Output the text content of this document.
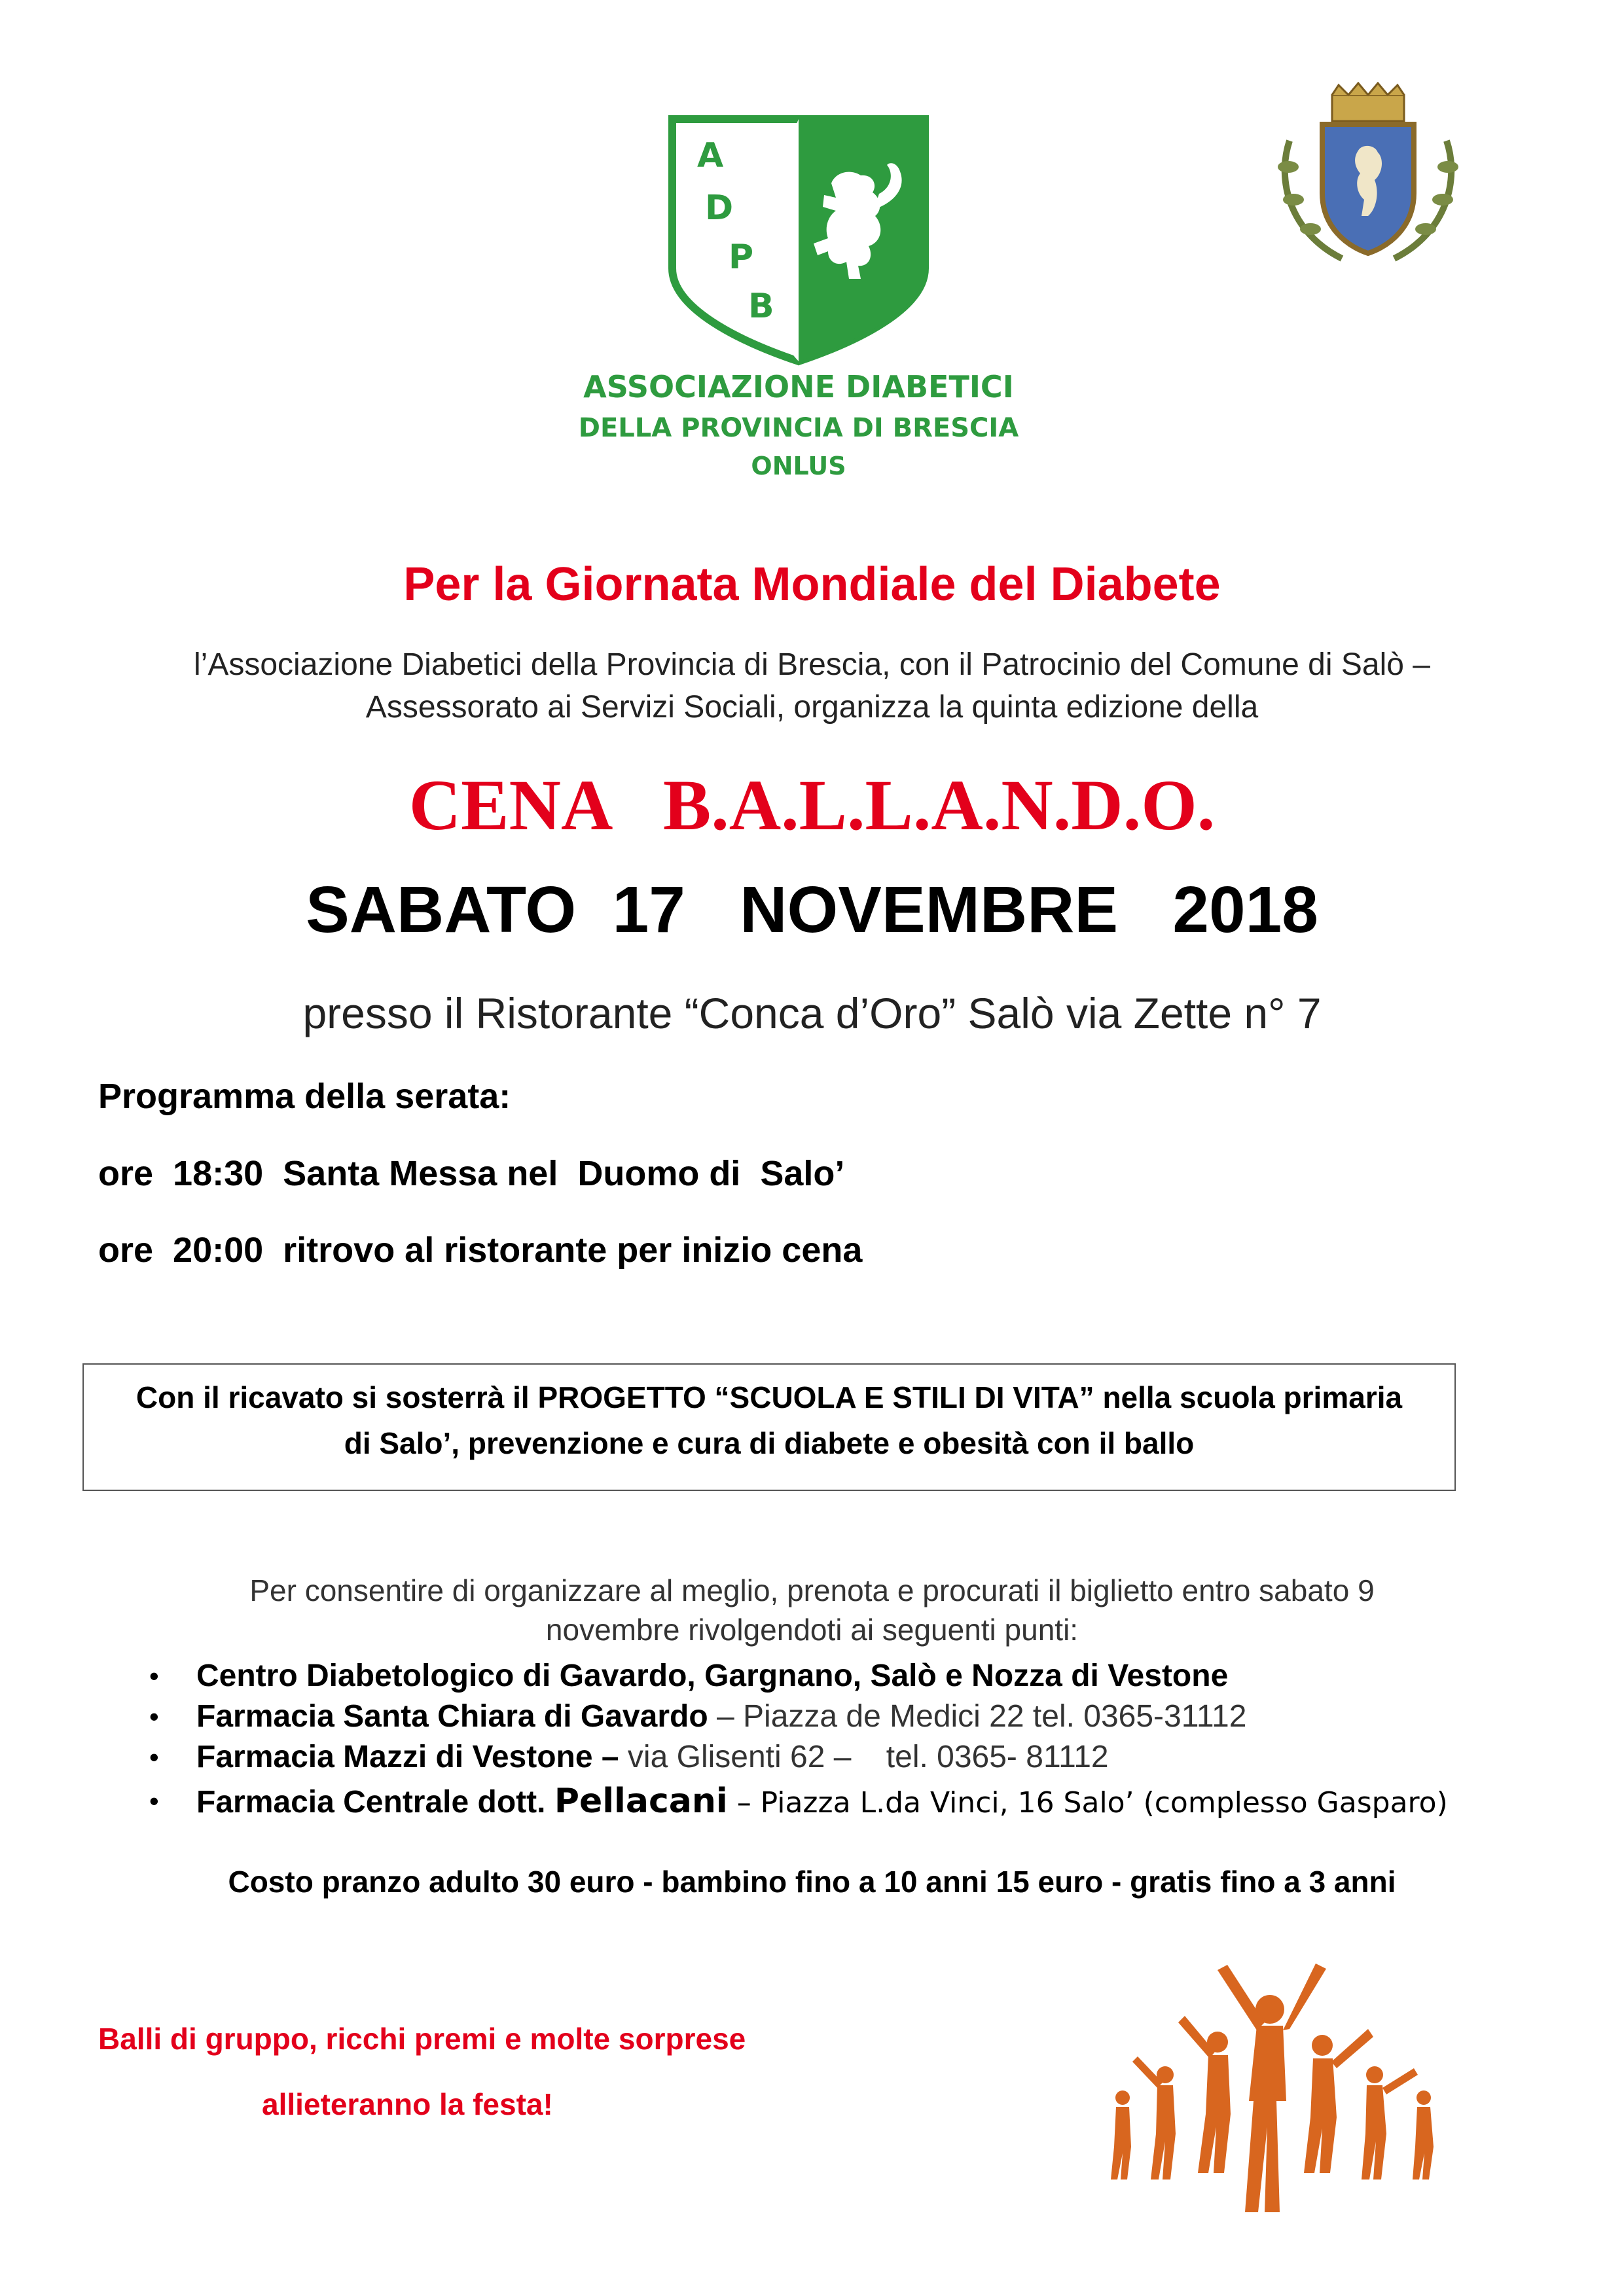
A
D
P
B
ASSOCIAZIONE DIABETICI
DELLA PROVINCIA DI BRESCIA
ONLUS
Per la Giornata Mondiale del Diabete
l’Associazione Diabetici della Provincia di Brescia, con il Patrocinio del Comune di Salò –
Assessorato ai Servizi Sociali, organizza la quinta edizione della
CENA   B.A.L.L.A.N.D.O.
SABATO  17   NOVEMBRE   2018
presso il Ristorante “Conca d’Oro” Salò via Zette n° 7
Programma della serata:
ore  18:30  Santa Messa nel  Duomo di  Salo’
ore  20:00  ritrovo al ristorante per inizio cena
Con il ricavato si sosterrà il PROGETTO “SCUOLA E STILI DI VITA” nella scuola primaria
di Salo’, prevenzione e cura di diabete e obesità con il ballo
Per consentire di organizzare al meglio, prenota e procurati il biglietto entro sabato 9
novembre rivolgendoti ai seguenti punti:
• Centro Diabetologico di Gavardo, Gargnano, Salò e Nozza di Vestone
• Farmacia Santa Chiara di Gavardo – Piazza de Medici 22 tel. 0365-31112
• Farmacia Mazzi di Vestone – via Glisenti 62 –    tel. 0365- 81112
• Farmacia Centrale dott. Pellacani – Piazza L.da Vinci, 16 Salo’ (complesso Gasparo)
Costo pranzo adulto 30 euro - bambino fino a 10 anni 15 euro - gratis fino a 3 anni
Balli di gruppo, ricchi premi e molte sorprese
allieteranno la festa!
